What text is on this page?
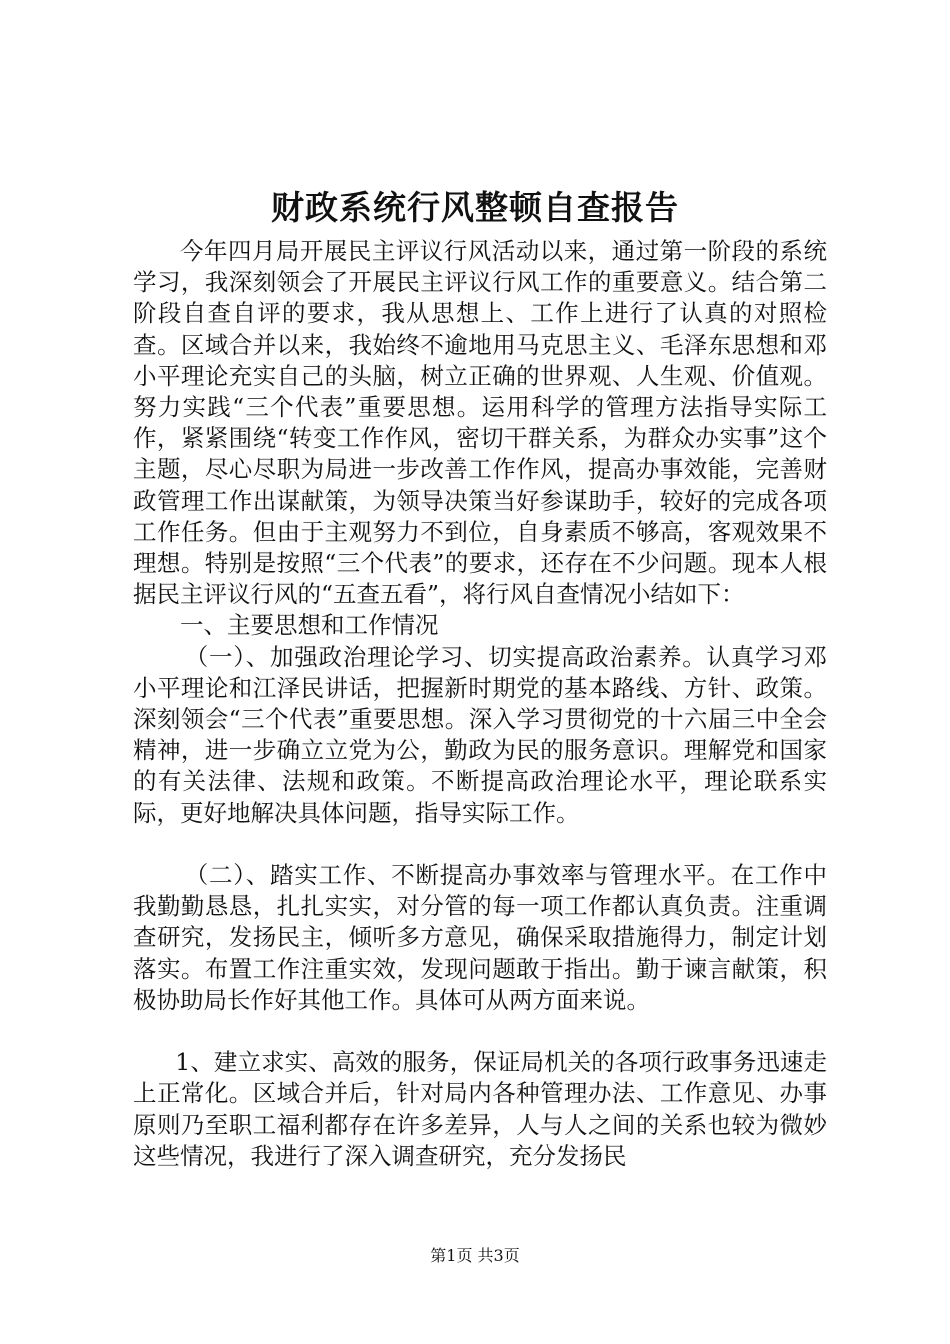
财政系统行风整顿自查报告

今年四月局开展民主评议行风活动以来，通过第一阶段的系统学习，我深刻领会了开展民主评议行风工作的重要意义。结合第二阶段自查自评的要求，我从思想上、工作上进行了认真的对照检查。区域合并以来，我始终不逾地用马克思主义、毛泽东思想和邓小平理论充实自己的头脑，树立正确的世界观、人生观、价值观。努力实践“三个代表”重要思想。运用科学的管理方法指导实际工作，紧紧围绕“转变工作作风，密切干群关系，为群众办实事”这个主题，尽心尽职为局进一步改善工作作风，提高办事效能，完善财政管理工作出谋献策，为领导决策当好参谋助手，较好的完成各项工作任务。但由于主观努力不到位，自身素质不够高，客观效果不理想。特别是按照“三个代表”的要求，还存在不少问题。现本人根据民主评议行风的“五查五看”，将行风自查情况小结如下：

一、主要思想和工作情况

（一）、加强政治理论学习、切实提高政治素养。认真学习邓小平理论和江泽民讲话，把握新时期党的基本路线、方针、政策。深刻领会“三个代表”重要思想。深入学习贯彻党的十六届三中全会精神，进一步确立立党为公，勤政为民的服务意识。理解党和国家的有关法律、法规和政策。不断提高政治理论水平，理论联系实际，更好地解决具体问题，指导实际工作。

（二）、踏实工作、不断提高办事效率与管理水平。在工作中我勤勤恳恳，扎扎实实，对分管的每一项工作都认真负责。注重调查研究，发扬民主，倾听多方意见，确保采取措施得力，制定计划落实。布置工作注重实效，发现问题敢于指出。勤于谏言献策，积极协助局长作好其他工作。具体可从两方面来说。

1、建立求实、高效的服务，保证局机关的各项行政事务迅速走上正常化。区域合并后，针对局内各种管理办法、工作意见、办事原则乃至职工福利都存在许多差异，人与人之间的关系也较为微妙这些情况，我进行了深入调查研究，充分发扬民

第1页 共3页
